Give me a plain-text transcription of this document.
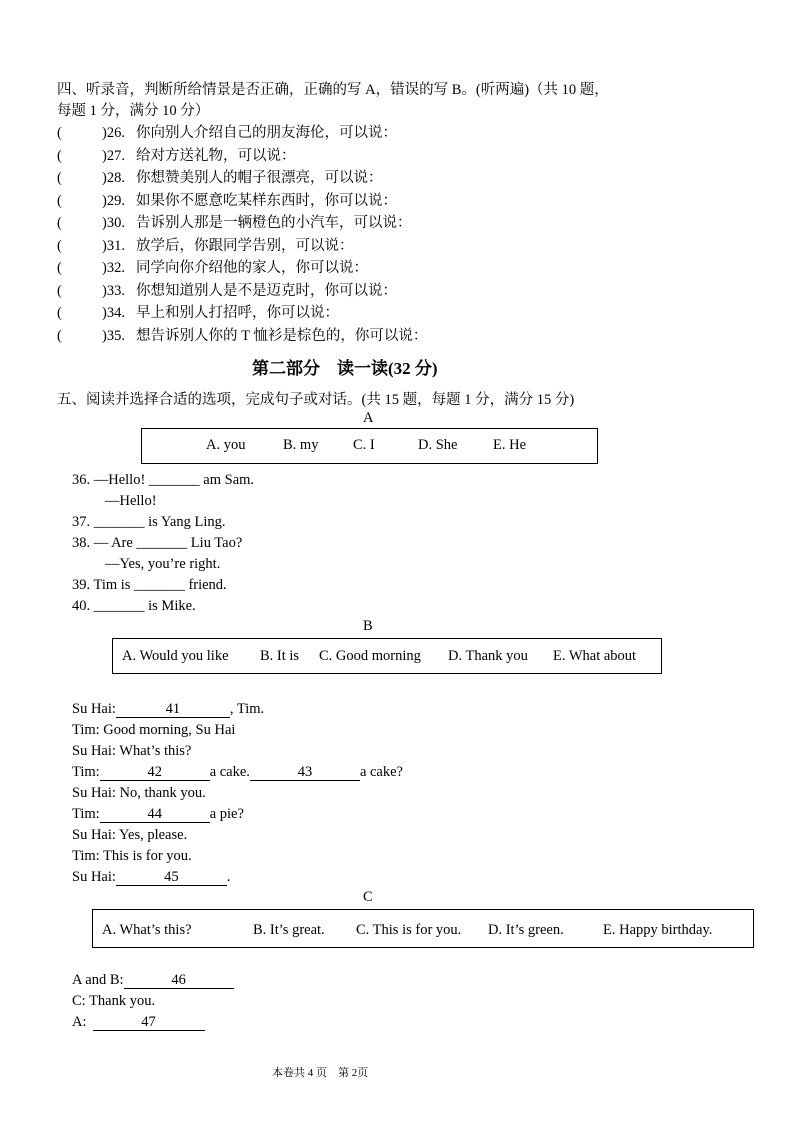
四、听录音，判断所给情景是否正确，正确的写 A，错误的写 B。(听两遍)（共 10 题，
每题 1 分，满分 10 分）
(	)26. 你向别人介绍自己的朋友海伦，可以说：
(	)27. 给对方送礼物，可以说：
(	)28. 你想赞美别人的帽子很漂亮，可以说：
(	)29. 如果你不愿意吃某样东西时，你可以说：
(	)30. 告诉别人那是一辆橙色的小汽车，可以说：
(	)31. 放学后，你跟同学告别，可以说：
(	)32. 同学向你介绍他的家人，你可以说：
(	)33. 你想知道别人是不是迈克时，你可以说：
(	)34. 早上和别人打招呼，你可以说：
(	)35. 想告诉别人你的 T 恤衫是棕色的，你可以说：
第二部分　读一读(32 分)
五、阅读并选择合适的选项，完成句子或对话。(共 15 题，每题 1 分，满分 15 分)
A
A. you	B. my C. I	D. She E. He
36. —Hello! _______ am Sam.
—Hello!
37. _______ is Yang Ling.
38. — Are _______ Liu Tao?
—Yes, you’re right.
39. Tim is _______ friend.
40. _______ is Mike.
B
A. Would you like B. It is C. Good morning D. Thank you E. What about
Su Hai:	41	, Tim.
Tim: Good morning, Su Hai
Su Hai: What’s this?
Tim:	42	a cake.	43	a cake?
Su Hai: No, thank you.
Tim:	44	a pie?
Su Hai: Yes, please.
Tim: This is for you.
Su Hai:	45	.
C
A. What’s this?	B. It’s great. C. This is for you. D. It’s green.	E. Happy birthday.
A and B:	46
C: Thank you.
A:	47
本卷共 4 页　第 2页
